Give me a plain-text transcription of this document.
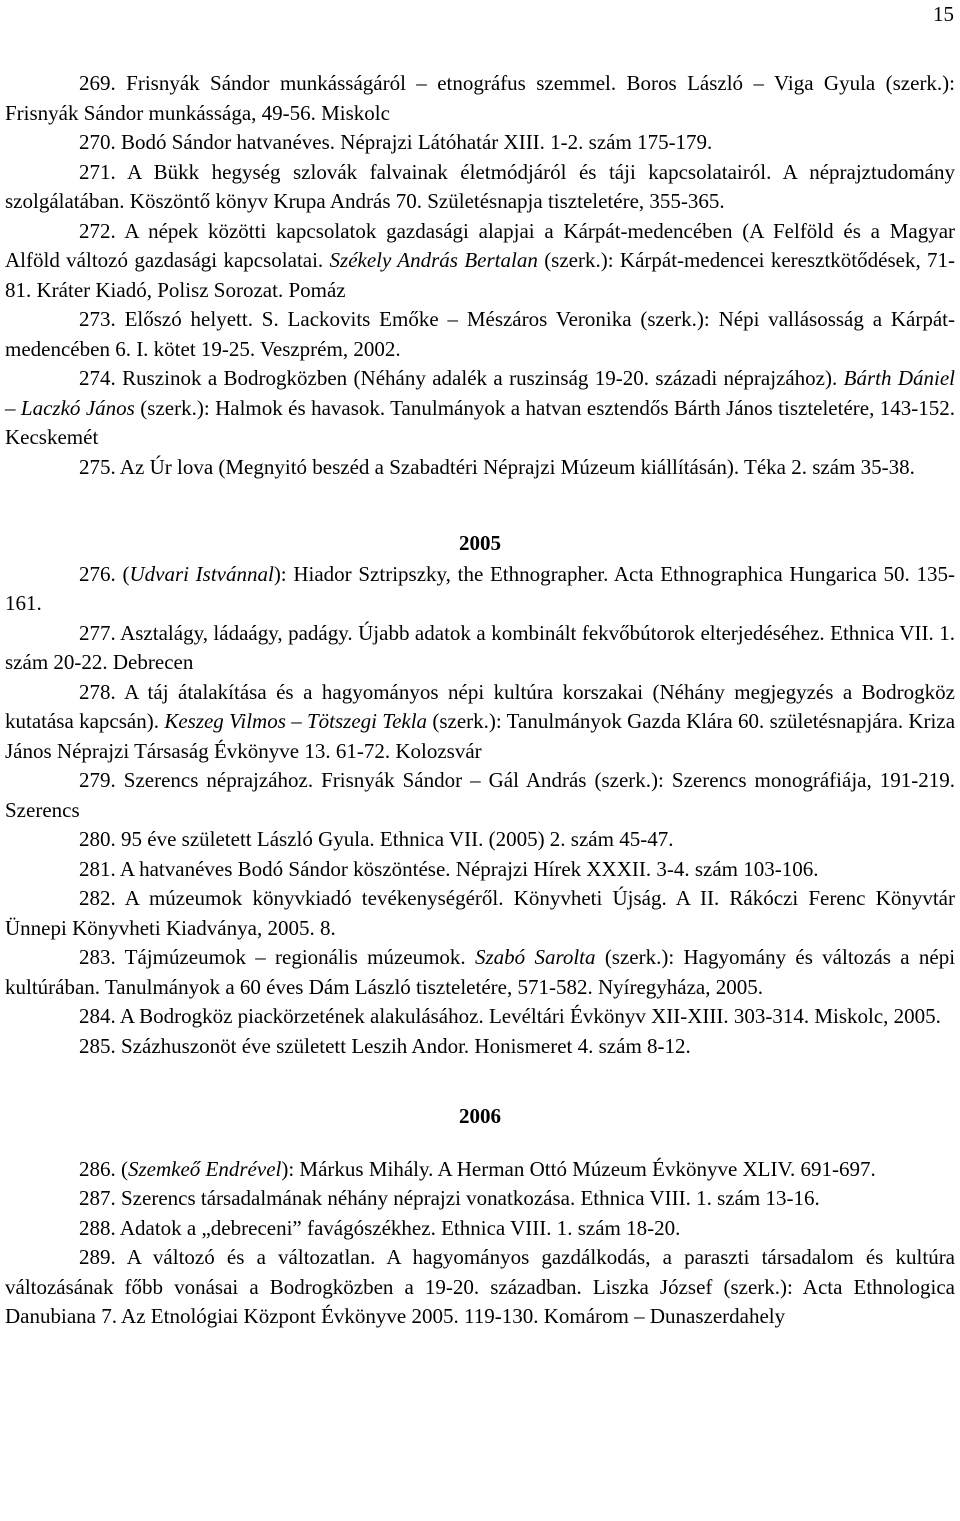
15

269. Frisnyák Sándor munkásságáról – etnográfus szemmel. Boros László – Viga Gyula (szerk.): Frisnyák Sándor munkássága, 49-56. Miskolc

270. Bodó Sándor hatvanéves. Néprajzi Látóhatár XIII. 1-2. szám 175-179.

271. A Bükk hegység szlovák falvainak életmódjáról és táji kapcsolatairól. A néprajztudomány szolgálatában. Köszöntő könyv Krupa András 70. Születésnapja tiszteletére, 355-365.

272. A népek közötti kapcsolatok gazdasági alapjai a Kárpát-medencében (A Felföld és a Magyar Alföld változó gazdasági kapcsolatai. Székely András Bertalan (szerk.): Kárpát-medencei keresztkötődések, 71-81. Kráter Kiadó, Polisz Sorozat. Pomáz

273. Előszó helyett. S. Lackovits Emőke – Mészáros Veronika (szerk.): Népi vallásosság a Kárpát-medencében 6. I. kötet 19-25. Veszprém, 2002.

274. Ruszinok a Bodrogközben (Néhány adalék a ruszinság 19-20. századi néprajzához). Bárth Dániel – Laczkó János (szerk.): Halmok és havasok. Tanulmányok a hatvan esztendős Bárth János tiszteletére, 143-152. Kecskemét

275. Az Úr lova (Megnyitó beszéd a Szabadtéri Néprajzi Múzeum kiállításán). Téka 2. szám 35-38.

2005

276. (Udvari Istvánnal): Hiador Sztripszky, the Ethnographer. Acta Ethnographica Hungarica 50. 135-161.

277. Asztalágy, ládaágy, padágy. Újabb adatok a kombinált fekvőbútorok elterjedéséhez. Ethnica VII. 1. szám 20-22. Debrecen

278. A táj átalakítása és a hagyományos népi kultúra korszakai (Néhány megjegyzés a Bodrogköz kutatása kapcsán). Keszeg Vilmos – Tötszegi Tekla (szerk.): Tanulmányok Gazda Klára 60. születésnapjára. Kriza János Néprajzi Társaság Évkönyve 13. 61-72. Kolozsvár

279. Szerencs néprajzához. Frisnyák Sándor – Gál András (szerk.): Szerencs monográfiája, 191-219. Szerencs

280. 95 éve született László Gyula. Ethnica VII. (2005) 2. szám 45-47.

281. A hatvanéves Bodó Sándor köszöntése. Néprajzi Hírek XXXII. 3-4. szám 103-106.

282. A múzeumok könyvkiadó tevékenységéről. Könyvheti Újság. A II. Rákóczi Ferenc Könyvtár Ünnepi Könyvheti Kiadványa, 2005. 8.

283. Tájmúzeumok – regionális múzeumok. Szabó Sarolta (szerk.): Hagyomány és változás a népi kultúrában. Tanulmányok a 60 éves Dám László tiszteletére, 571-582. Nyíregyháza, 2005.

284. A Bodrogköz piackörzetének alakulásához. Levéltári Évkönyv XII-XIII. 303-314. Miskolc, 2005.

285. Százhuszonöt éve született Leszih Andor. Honismeret 4. szám 8-12.

2006

286. (Szemkeő Endrével): Márkus Mihály. A Herman Ottó Múzeum Évkönyve XLIV. 691-697.

287. Szerencs társadalmának néhány néprajzi vonatkozása. Ethnica VIII. 1. szám 13-16.

288. Adatok a „debreceni” favágószékhez. Ethnica VIII. 1. szám 18-20.

289. A változó és a változatlan. A hagyományos gazdálkodás, a paraszti társadalom és kultúra változásának főbb vonásai a Bodrogközben a 19-20. században. Liszka József (szerk.): Acta Ethnologica Danubiana 7. Az Etnológiai Központ Évkönyve 2005. 119-130. Komárom – Dunaszerdahely
